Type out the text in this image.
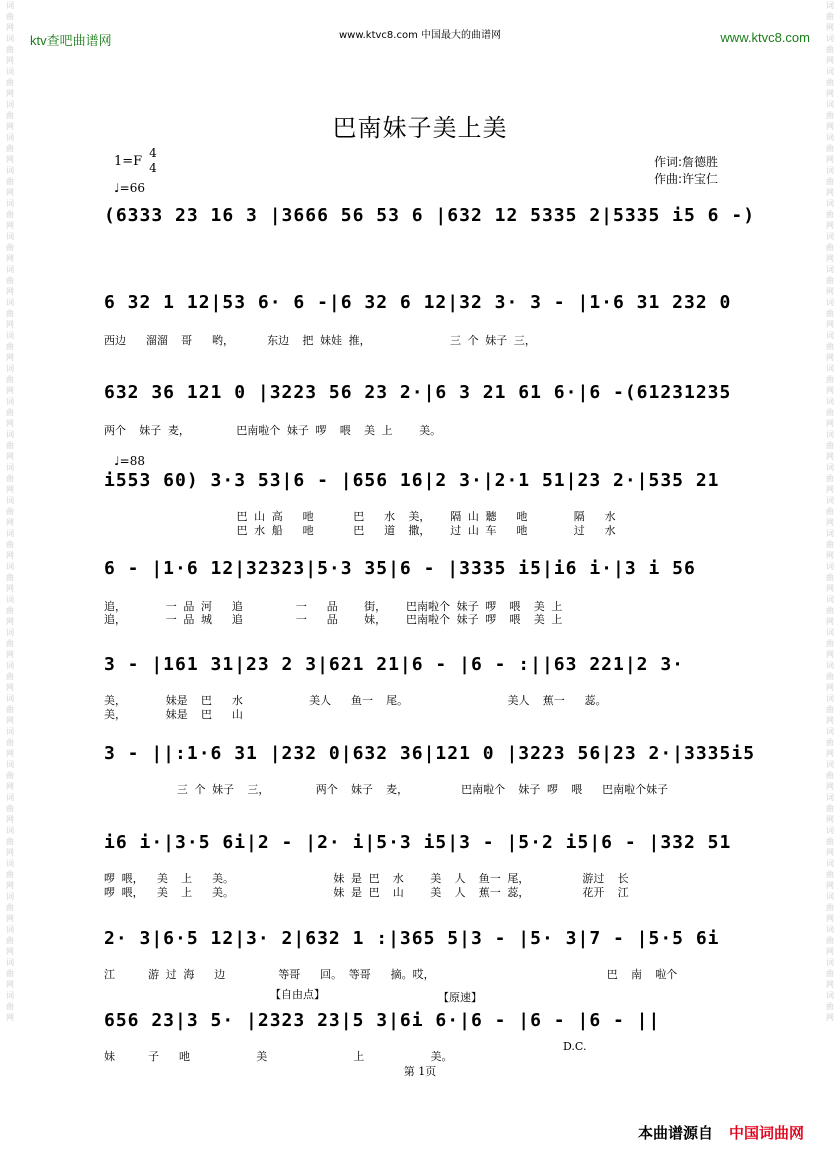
词曲网词曲网词曲网词曲网词曲网词曲网词曲网词曲网词曲网词曲网词曲网词曲网词曲网词曲网词曲网词曲网词曲网词曲网词曲网词曲网词曲网词曲网词曲网词曲网词曲网词曲网词曲网词曲网词曲网词曲网词曲网
词曲网词曲网词曲网词曲网词曲网词曲网词曲网词曲网词曲网词曲网词曲网词曲网词曲网词曲网词曲网词曲网词曲网词曲网词曲网词曲网词曲网词曲网词曲网词曲网词曲网词曲网词曲网词曲网词曲网词曲网词曲网
ktv查吧曲谱网	www.ktvc8.com 中国最大的曲谱网	www.ktvc8.com
巴南妹子美上美
1=F
4
4
♩=66
作词:詹德胜
作曲:许宝仁
(6333 23 16 3 |3666 56 53 6 |632 12 5335 2|5335 i5 6 -)
6 32 1 12|53 6· 6 -|6 32 6 12|32 3· 3 - |1·6 31 232 0
西边   溜溜  哥   哟，     东边  把 妹娃 推，            三 个 妹子 三，
632 36 121 0 |3223 56 23 2·|6 3 21 61 6·|6 -(61231235
两个  妹子 麦，       巴南啦个 妹子 啰  喂  美 上    美。
♩=88
i553 60) 3·3 53|6 - |656 16|2 3·|2·1 51|23 2·|535 21
巴 山 高   吔      巴   水  美，   隔 山 聽   吔       隔   水
巴 水 船   吔      巴   道  撒，   过 山 车   吔       过   水
6 - |1·6 12|32323|5·3 35|6 - |3335 i5|i6 i·|3 i 56
追，      一 品 河   追        一   品    街，   巴南啦个 妹子 啰  喂  美 上
追，      一 品 城   追        一   品    妹，   巴南啦个 妹子 啰  喂  美 上
3 - |161 31|23 2 3|621 21|6 - |6 - :||63 221|2 3·
美，      妹是  巴   水          美人   鱼一  尾。               美人  蕉一   蕊。
美，      妹是  巴   山
3 - ||:1·6 31 |232 0|632 36|121 0 |3223 56|23 2·|3335i5
三 个 妹子  三，       两个  妹子  麦，        巴南啦个  妹子 啰  喂   巴南啦个妹子
i6 i·|3·5 6i|2 - |2· i|5·3 i5|3 - |5·2 i5|6 - |332 51
啰 喂，  美  上   美。               妹 是 巴  水    美  人  鱼一 尾，        游过  长
啰 喂，  美  上   美。               妹 是 巴  山    美  人  蕉一 蕊，        花开  江
2· 3|6·5 12|3· 2|632 1 :|365 5|3 - |5· 3|7 - |5·5 6i
江     游 过 海   边        等哥   回。 等哥   摘。哎，                          巴  南  啦个
【自由点】	【原速】
656 23|3 5· |2323 23|5 3|6i 6·|6 - |6 - |6 - ||
妹     子   吔          美             上          美。
D.C.
第 1页
本曲谱源自 中国词曲网
